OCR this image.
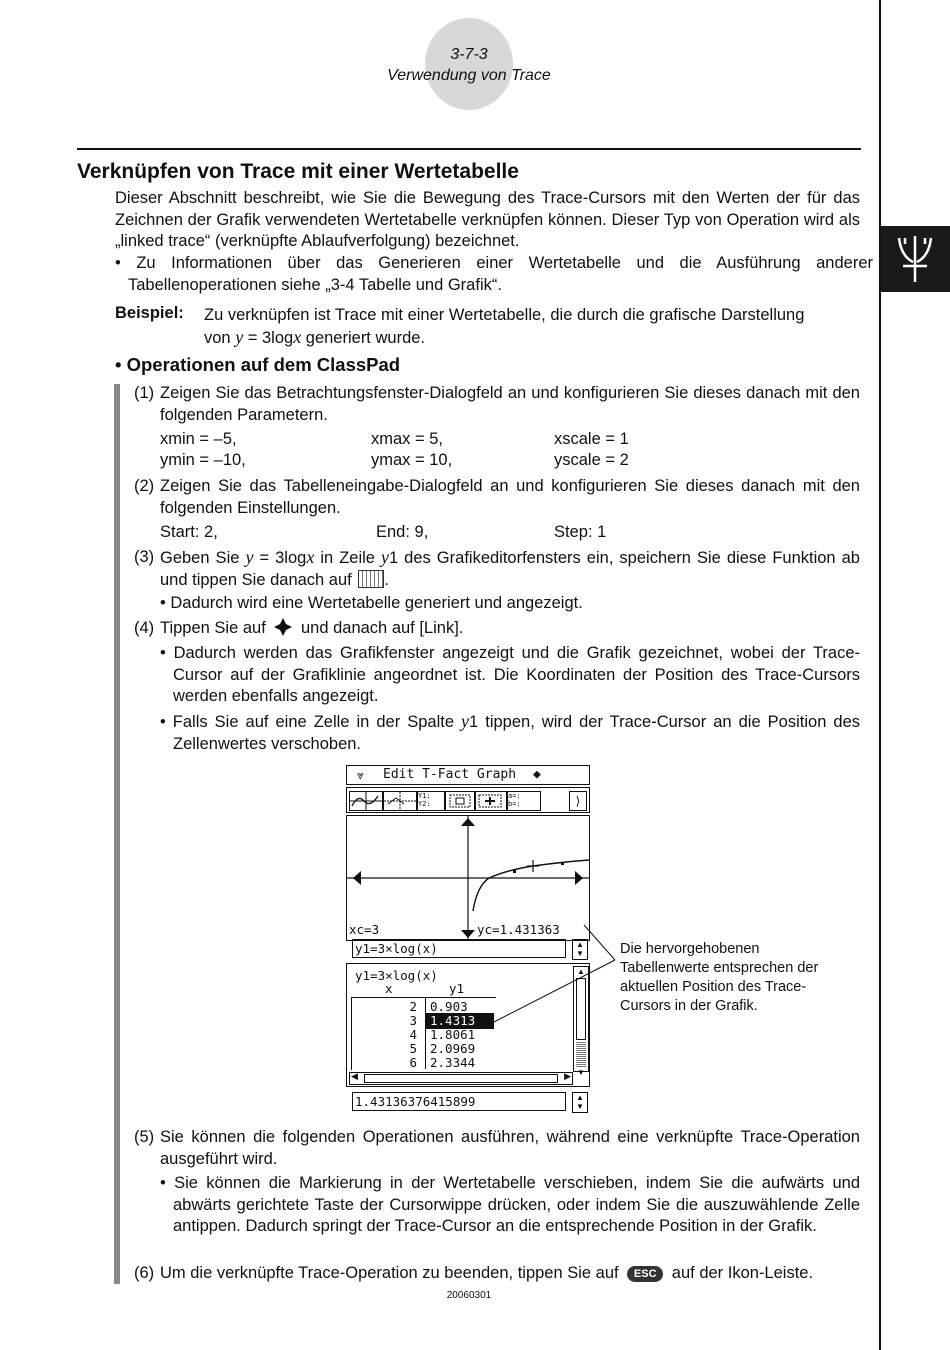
3-7-3
Verwendung von Trace
Verknüpfen von Trace mit einer Wertetabelle
Dieser Abschnitt beschreibt, wie Sie die Bewegung des Trace-Cursors mit den Werten der für das Zeichnen der Grafik verwendeten Wertetabelle verknüpfen können. Dieser Typ von Operation wird als „linked trace“ (verknüpfte Ablaufverfolgung) bezeichnet.
• Zu Informationen über das Generieren einer Wertetabelle und die Ausführung anderer Tabellenoperationen siehe „3-4 Tabelle und Grafik“.
Beispiel: Zu verknüpfen ist Trace mit einer Wertetabelle, die durch die grafische Darstellung
von y = 3logx generiert wurde.
• Operationen auf dem ClassPad
(1) Zeigen Sie das Betrachtungsfenster-Dialogfeld an und konfigurieren Sie dieses danach mit den folgenden Parametern.
xmin = –5,	xmax = 5,	xscale = 1
ymin = –10,	ymax = 10,	yscale = 2
(2) Zeigen Sie das Tabelleneingabe-Dialogfeld an und konfigurieren Sie dieses danach mit den folgenden Einstellungen.
Start: 2,	End: 9,	Step: 1
(3) Geben Sie y = 3logx in Zeile y1 des Grafikeditorfensters ein, speichern Sie diese Funktion ab und tippen Sie danach auf .
• Dadurch wird eine Wertetabelle generiert und angezeigt.
(4) Tippen Sie auf und danach auf [Link].
• Dadurch werden das Grafikfenster angezeigt und die Grafik gezeichnet, wobei der Trace-Cursor auf der Grafiklinie angeordnet ist. Die Koordinaten der Position des Trace-Cursors werden ebenfalls angezeigt.
• Falls Sie auf eine Zelle in der Spalte y1 tippen, wird der Trace-Cursor an die Position des Zellenwertes verschoben.
⩔ Edit T-Fact Graph ◆
Y1:
Y2:
a=:
b=:	⟩
xc=3	yc=1.431363
y1=3×log(x)	▲
▼
y1=3×log(x)
x	y1
2 0.903
3 1.4313
4 1.8061
5 2.0969
6 2.3344
▲
▼
◀	▶
1.43136376415899	▲
▼
Die hervorgehobenen Tabellenwerte entsprechen der aktuellen Position des Trace-Cursors in der Grafik.
(5) Sie können die folgenden Operationen ausführen, während eine verknüpfte Trace-Operation ausgeführt wird.
• Sie können die Markierung in der Wertetabelle verschieben, indem Sie die aufwärts und abwärts gerichtete Taste der Cursorwippe drücken, oder indem Sie die auszuwählende Zelle antippen. Dadurch springt der Trace-Cursor an die entsprechende Position in der Grafik.
(6) Um die verknüpfte Trace-Operation zu beenden, tippen Sie auf ESC auf der Ikon-Leiste.
20060301
